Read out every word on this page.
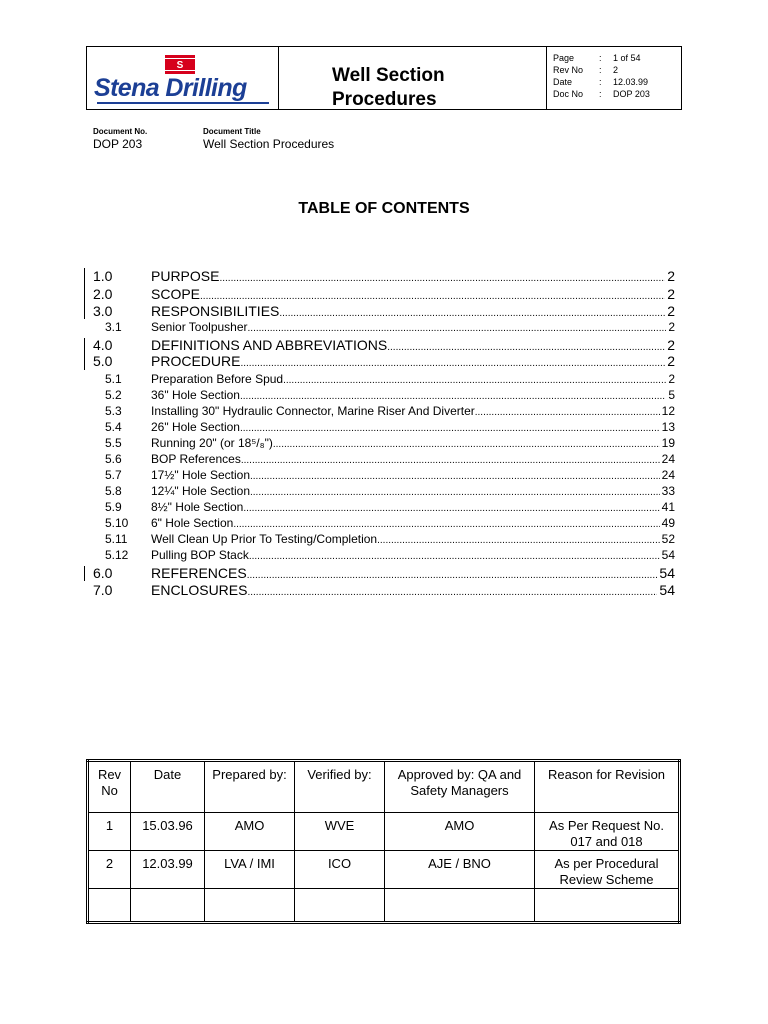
S
Stena Drilling	Well Section
Procedures
Page	: 1 of 54
Rev No : 2
Date	: 12.03.99
Doc No : DOP 203
Document No.
DOP 203
Document Title
Well Section Procedures
TABLE OF CONTENTS
1.0	PURPOSE .....	2
2.0	SCOPE .....	2
3.0	RESPONSIBILITIES .....	2
3.1	Senior Toolpusher .....	2
4.0	DEFINITIONS AND ABBREVIATIONS .....	2
5.0	PROCEDURE .....	2
5.1	Preparation Before Spud .....	2
5.2	36" Hole Section .....	5
5.3	Installing 30" Hydraulic Connector, Marine Riser And Diverter .....	12
5.4	26" Hole Section .....	13
5.5	Running 20" (or 18⁵/₈") .....	19
5.6	BOP References .....	24
5.7	17½" Hole Section .....	24
5.8	12¼" Hole Section .....	33
5.9	8½" Hole Section .....	41
5.10	6" Hole Section .....	49
5.11	Well Clean Up Prior To Testing/Completion .....	52
5.12	Pulling BOP Stack .....	54
6.0	REFERENCES .....	54
7.0	ENCLOSURES .....	54
Rev No	Date	Prepared by:	Verified by:	Approved by: QA and Safety Managers	Reason for Revision
1	15.03.96	AMO	WVE	AMO	As Per Request No. 017 and 018
2	12.03.99	LVA / IMI	ICO	AJE / BNO	As per Procedural Review Scheme
